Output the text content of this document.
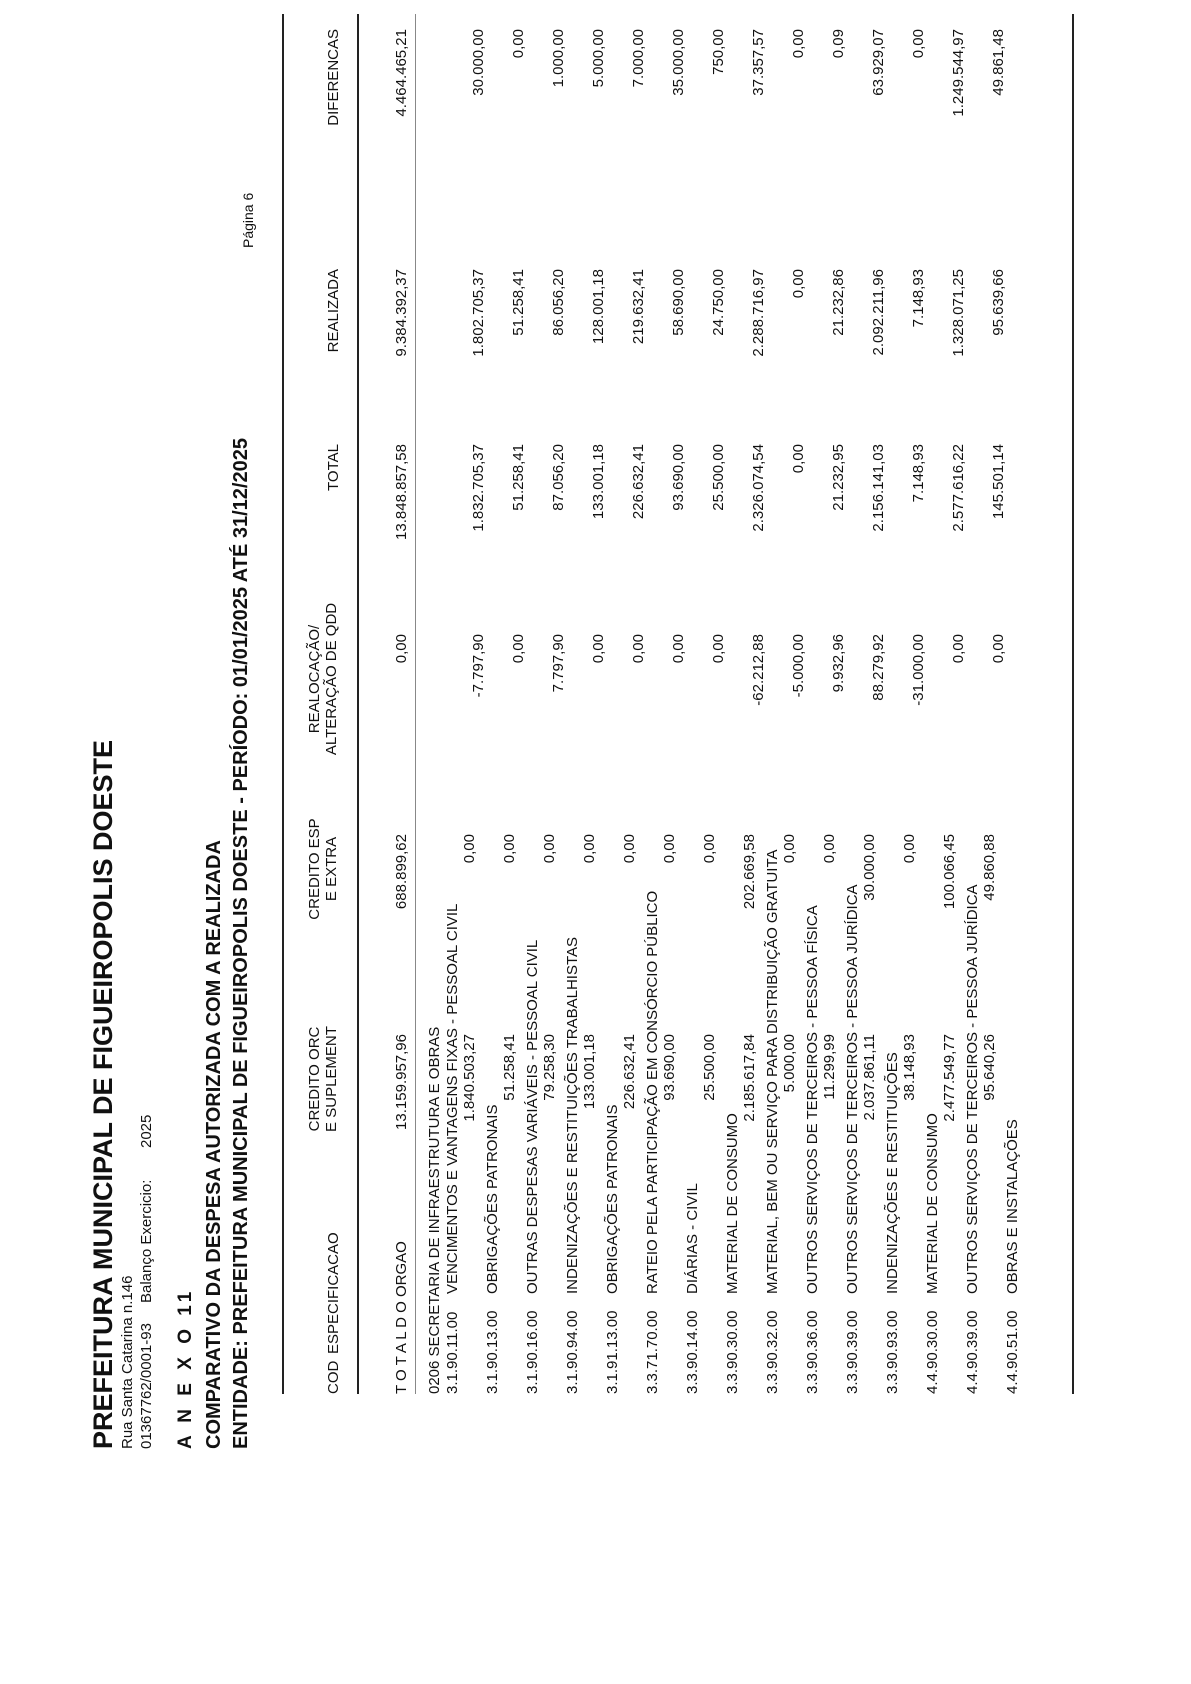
PREFEITURA MUNICIPAL DE FIGUEIROPOLIS DOESTE Rua Santa Catarina n.146 01367762/0001-93
Balanço Exercicio:
2025
A N E X O 11 COMPARATIVO DA DESPESA AUTORIZADA COM A REALIZADA ENTIDADE: PREFEITURA MUNICIPAL DE FIGUEIROPOLIS DOESTE - PERÍODO: 01/01/2025 ATÉ 31/12/2025
Página 6
COD
ESPECIFICACAO
CREDITO ORC E SUPLEMENT
CREDITO ESP E EXTRA
REALOCAÇÃO/ ALTERAÇÃO DE QDD
TOTAL
REALIZADA
DIFERENCAS
T O T A L D O ORGAO
13.159.957,96
688.899,62
0,00
13.848.857,58
9.384.392,37
4.464.465,21
0206 SECRETARIA DE INFRAESTRUTURA E OBRAS 3.1.90.11.00
VENCIMENTOS E VANTAGENS FIXAS - PESSOAL CIVIL 1.840.503,27
0,00
-7.797,90
1.832.705,37
1.802.705,37
30.000,00
3.1.90.13.00
OBRIGAÇÕES PATRONAIS
51.258,41
0,00
0,00
51.258,41
51.258,41
0,00
3.1.90.16.00
OUTRAS DESPESAS VARIÁVEIS - PESSOAL CIVIL 79.258,30
0,00
7.797,90
87.056,20
86.056,20
1.000,00
3.1.90.94.00
INDENIZAÇÕES E RESTITUIÇÕES TRABALHISTAS 133.001,18
0,00
0,00
133.001,18
128.001,18
5.000,00
3.1.91.13.00
OBRIGAÇÕES PATRONAIS
226.632,41
0,00
0,00
226.632,41
219.632,41
7.000,00
3.3.71.70.00
RATEIO PELA PARTICIPAÇÃO EM CONSÓRCIO PÚBLICO 93.690,00
0,00
0,00
93.690,00
58.690,00
35.000,00
3.3.90.14.00
DIÁRIAS - CIVIL
25.500,00
0,00
0,00
25.500,00
24.750,00
750,00
3.3.90.30.00
MATERIAL DE CONSUMO
2.185.617,84
202.669,58
-62.212,88
2.326.074,54
2.288.716,97
37.357,57
3.3.90.32.00
MATERIAL, BEM OU SERVIÇO PARA DISTRIBUIÇÃO GRATUITA 5.000,00
0,00
-5.000,00
0,00
0,00
0,00
3.3.90.36.00
OUTROS SERVIÇOS DE TERCEIROS - PESSOA FÍSICA 11.299,99
0,00
9.932,96
21.232,95
21.232,86
0,09
3.3.90.39.00
OUTROS SERVIÇOS DE TERCEIROS - PESSOA JURÍDICA 2.037.861,11
30.000,00
88.279,92
2.156.141,03
2.092.211,96
63.929,07
3.3.90.93.00
INDENIZAÇÕES E RESTITUIÇÕES 38.148,93
0,00
-31.000,00
7.148,93
7.148,93
0,00
4.4.90.30.00
MATERIAL DE CONSUMO
2.477.549,77
100.066,45
0,00
2.577.616,22
1.328.071,25
1.249.544,97
4.4.90.39.00
OUTROS SERVIÇOS DE TERCEIROS - PESSOA JURÍDICA 95.640,26
49.860,88
0,00
145.501,14
95.639,66
49.861,48
4.4.90.51.00
OBRAS E INSTALAÇÕES
